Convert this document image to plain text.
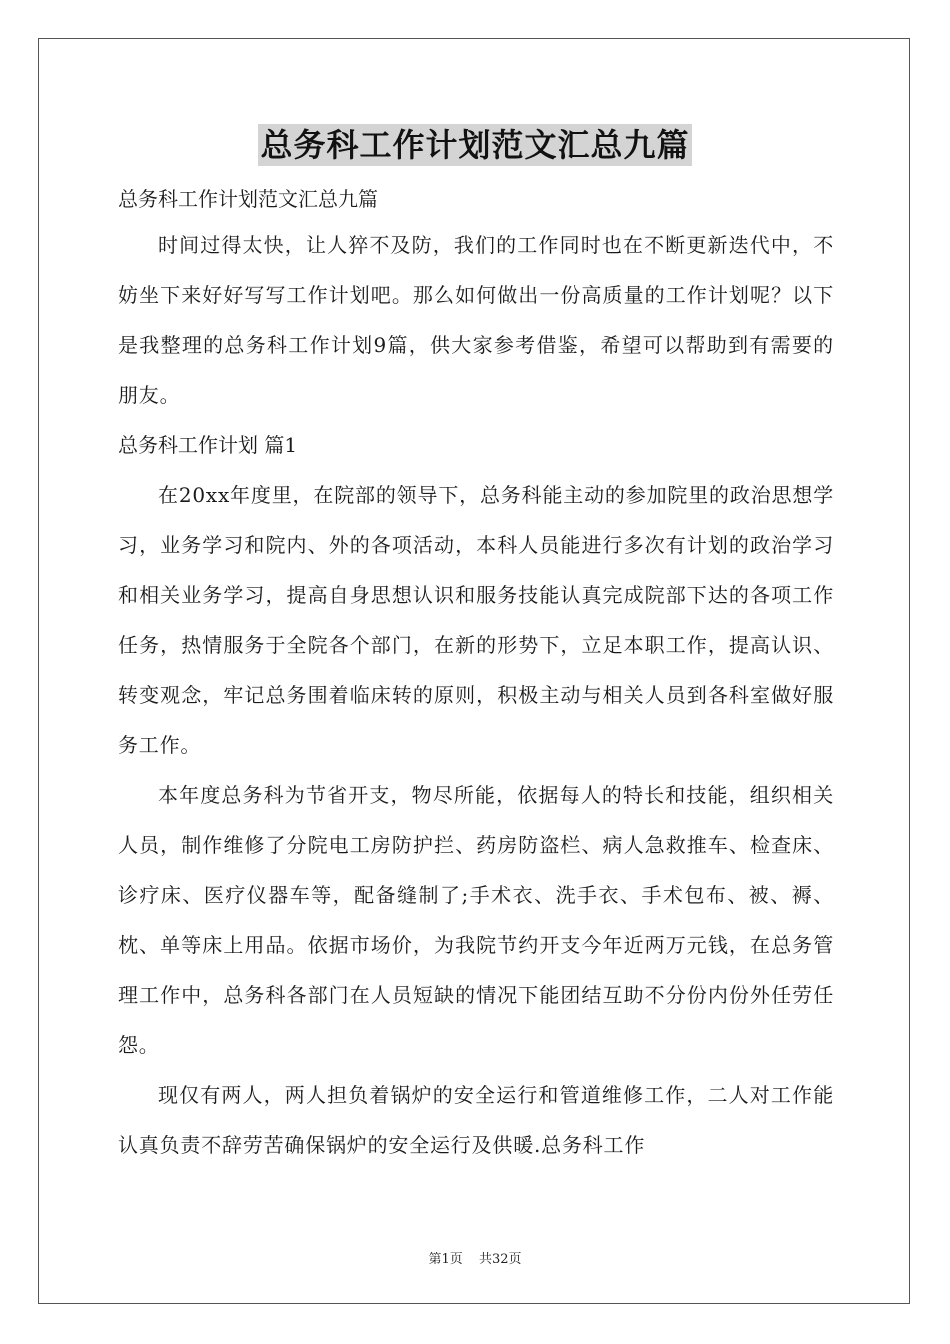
总务科工作计划范文汇总九篇

总务科工作计划范文汇总九篇

时间过得太快，让人猝不及防，我们的工作同时也在不断更新迭代中，不妨坐下来好好写写工作计划吧。那么如何做出一份高质量的工作计划呢？以下是我整理的总务科工作计划9篇，供大家参考借鉴，希望可以帮助到有需要的朋友。

总务科工作计划 篇1

在20xx年度里，在院部的领导下，总务科能主动的参加院里的政治思想学习，业务学习和院内、外的各项活动，本科人员能进行多次有计划的政治学习和相关业务学习，提高自身思想认识和服务技能认真完成院部下达的各项工作任务，热情服务于全院各个部门，在新的形势下，立足本职工作，提高认识、转变观念，牢记总务围着临床转的原则，积极主动与相关人员到各科室做好服务工作。

本年度总务科为节省开支，物尽所能，依据每人的特长和技能，组织相关人员，制作维修了分院电工房防护拦、药房防盗栏、病人急救推车、检查床、诊疗床、医疗仪器车等，配备缝制了;手术衣、洗手衣、手术包布、被、褥、枕、单等床上用品。依据市场价，为我院节约开支今年近两万元钱，在总务管理工作中，总务科各部门在人员短缺的情况下能团结互助不分份内份外任劳任怨。

现仅有两人，两人担负着锅炉的安全运行和管道维修工作，二人对工作能认真负责不辞劳苦确保锅炉的安全运行及供暖.总务科工作

第1页 共32页
